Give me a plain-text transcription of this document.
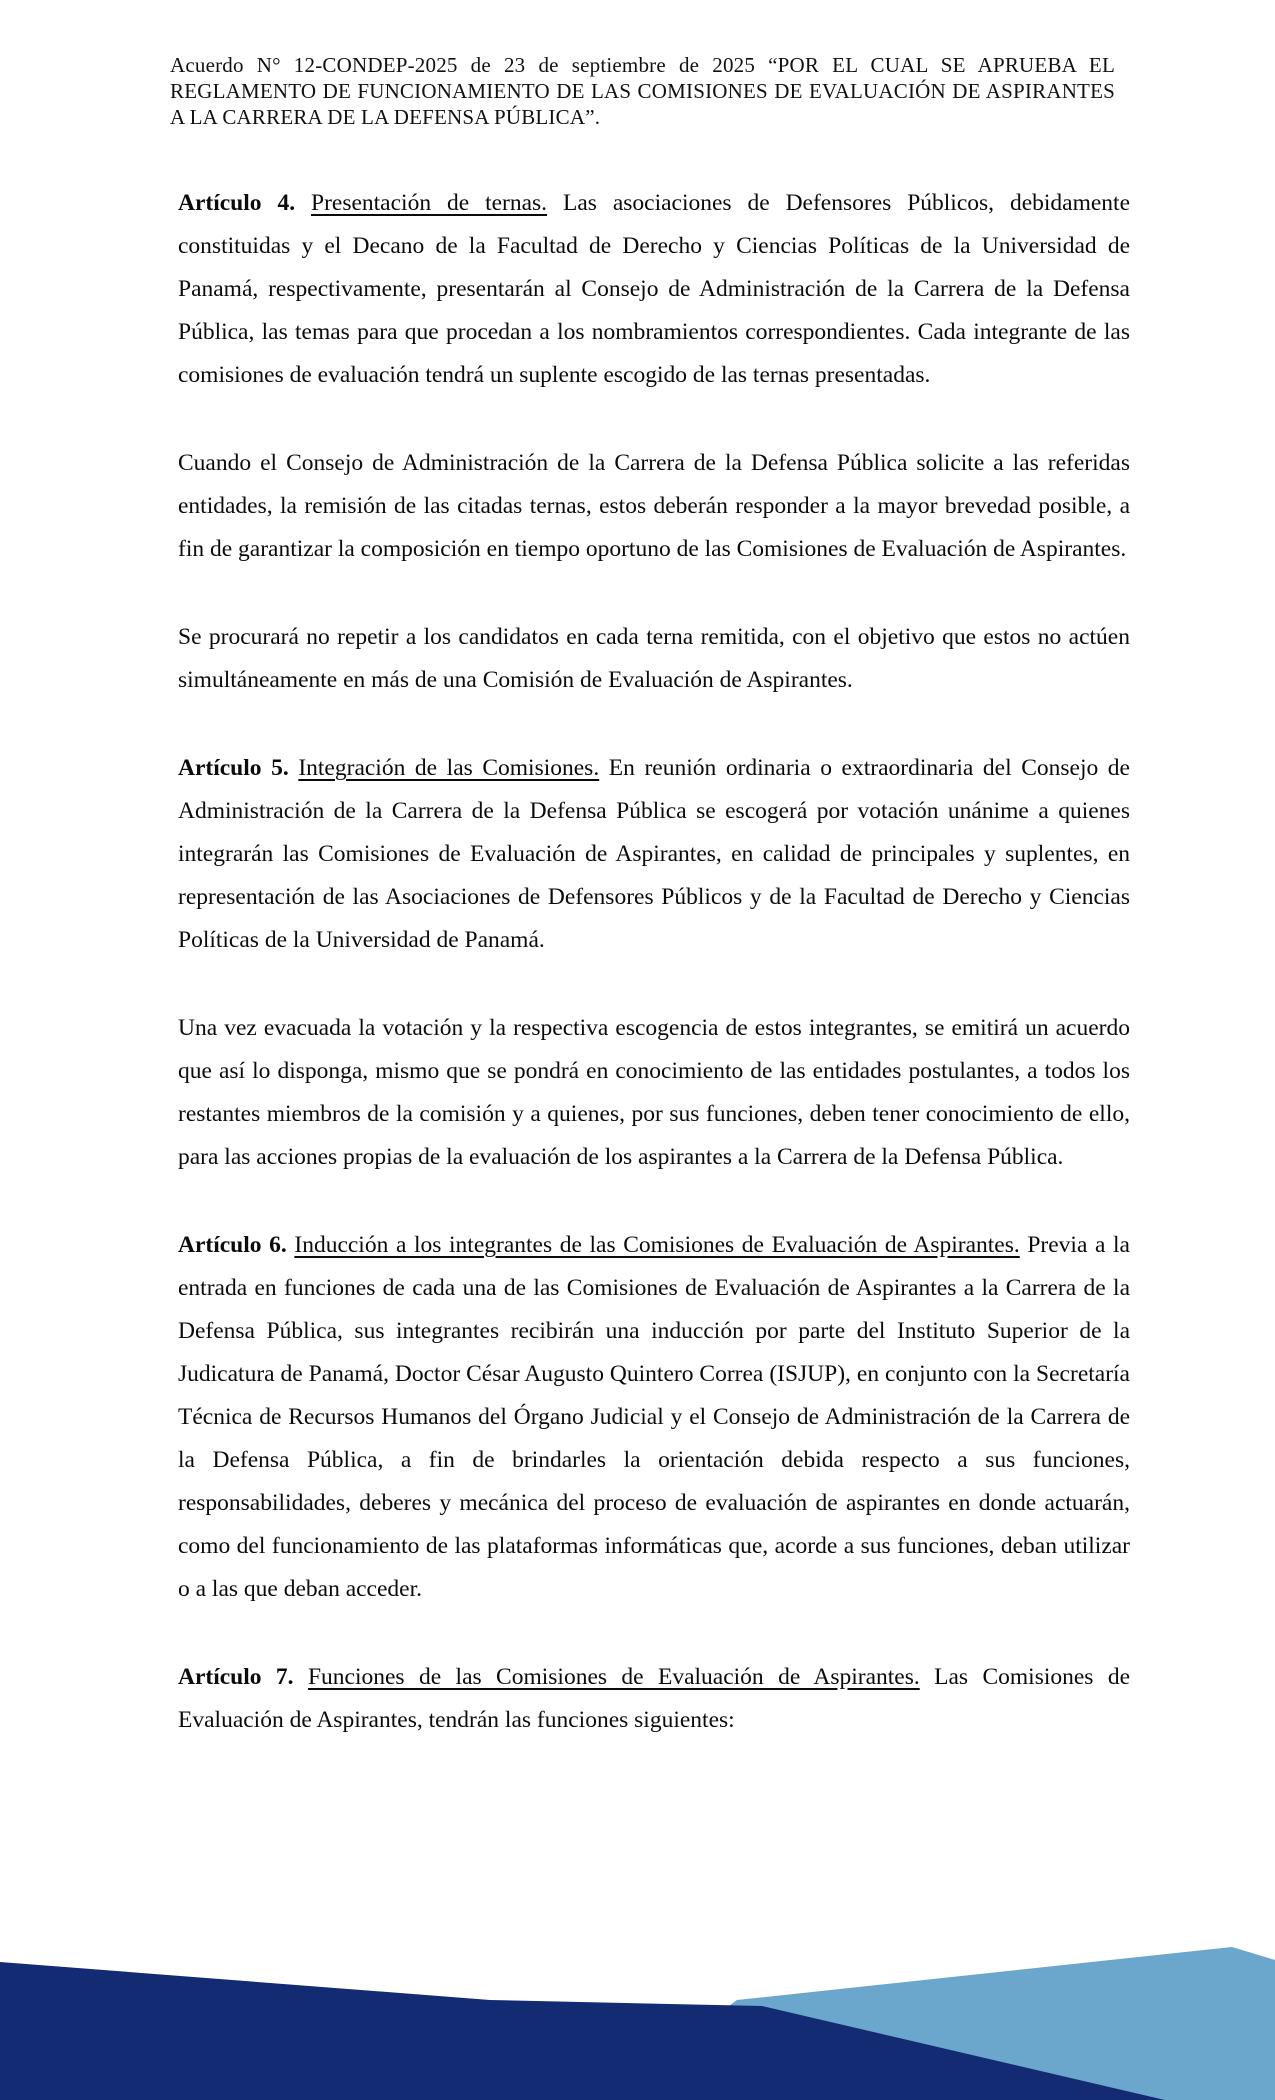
Acuerdo N° 12-CONDEP-2025 de 23 de septiembre de 2025 “POR EL CUAL SE APRUEBA EL REGLAMENTO DE FUNCIONAMIENTO DE LAS COMISIONES DE EVALUACIÓN DE ASPIRANTES A LA CARRERA DE LA DEFENSA PÚBLICA”.

Artículo 4. Presentación de ternas. Las asociaciones de Defensores Públicos, debidamente constituidas y el Decano de la Facultad de Derecho y Ciencias Políticas de la Universidad de Panamá, respectivamente, presentarán al Consejo de Administración de la Carrera de la Defensa Pública, las temas para que procedan a los nombramientos correspondientes. Cada integrante de las comisiones de evaluación tendrá un suplente escogido de las ternas presentadas.

Cuando el Consejo de Administración de la Carrera de la Defensa Pública solicite a las referidas entidades, la remisión de las citadas ternas, estos deberán responder a la mayor brevedad posible, a fin de garantizar la composición en tiempo oportuno de las Comisiones de Evaluación de Aspirantes.

Se procurará no repetir a los candidatos en cada terna remitida, con el objetivo que estos no actúen simultáneamente en más de una Comisión de Evaluación de Aspirantes.

Artículo 5. Integración de las Comisiones. En reunión ordinaria o extraordinaria del Consejo de Administración de la Carrera de la Defensa Pública se escogerá por votación unánime a quienes integrarán las Comisiones de Evaluación de Aspirantes, en calidad de principales y suplentes, en representación de las Asociaciones de Defensores Públicos y de la Facultad de Derecho y Ciencias Políticas de la Universidad de Panamá.

Una vez evacuada la votación y la respectiva escogencia de estos integrantes, se emitirá un acuerdo que así lo disponga, mismo que se pondrá en conocimiento de las entidades postulantes, a todos los restantes miembros de la comisión y a quienes, por sus funciones, deben tener conocimiento de ello, para las acciones propias de la evaluación de los aspirantes a la Carrera de la Defensa Pública.

Artículo 6. Inducción a los integrantes de las Comisiones de Evaluación de Aspirantes. Previa a la entrada en funciones de cada una de las Comisiones de Evaluación de Aspirantes a la Carrera de la Defensa Pública, sus integrantes recibirán una inducción por parte del Instituto Superior de la Judicatura de Panamá, Doctor César Augusto Quintero Correa (ISJUP), en conjunto con la Secretaría Técnica de Recursos Humanos del Órgano Judicial y el Consejo de Administración de la Carrera de la Defensa Pública, a fin de brindarles la orientación debida respecto a sus funciones, responsabilidades, deberes y mecánica del proceso de evaluación de aspirantes en donde actuarán, como del funcionamiento de las plataformas informáticas que, acorde a sus funciones, deban utilizar o a las que deban acceder.

Artículo 7. Funciones de las Comisiones de Evaluación de Aspirantes. Las Comisiones de Evaluación de Aspirantes, tendrán las funciones siguientes:
